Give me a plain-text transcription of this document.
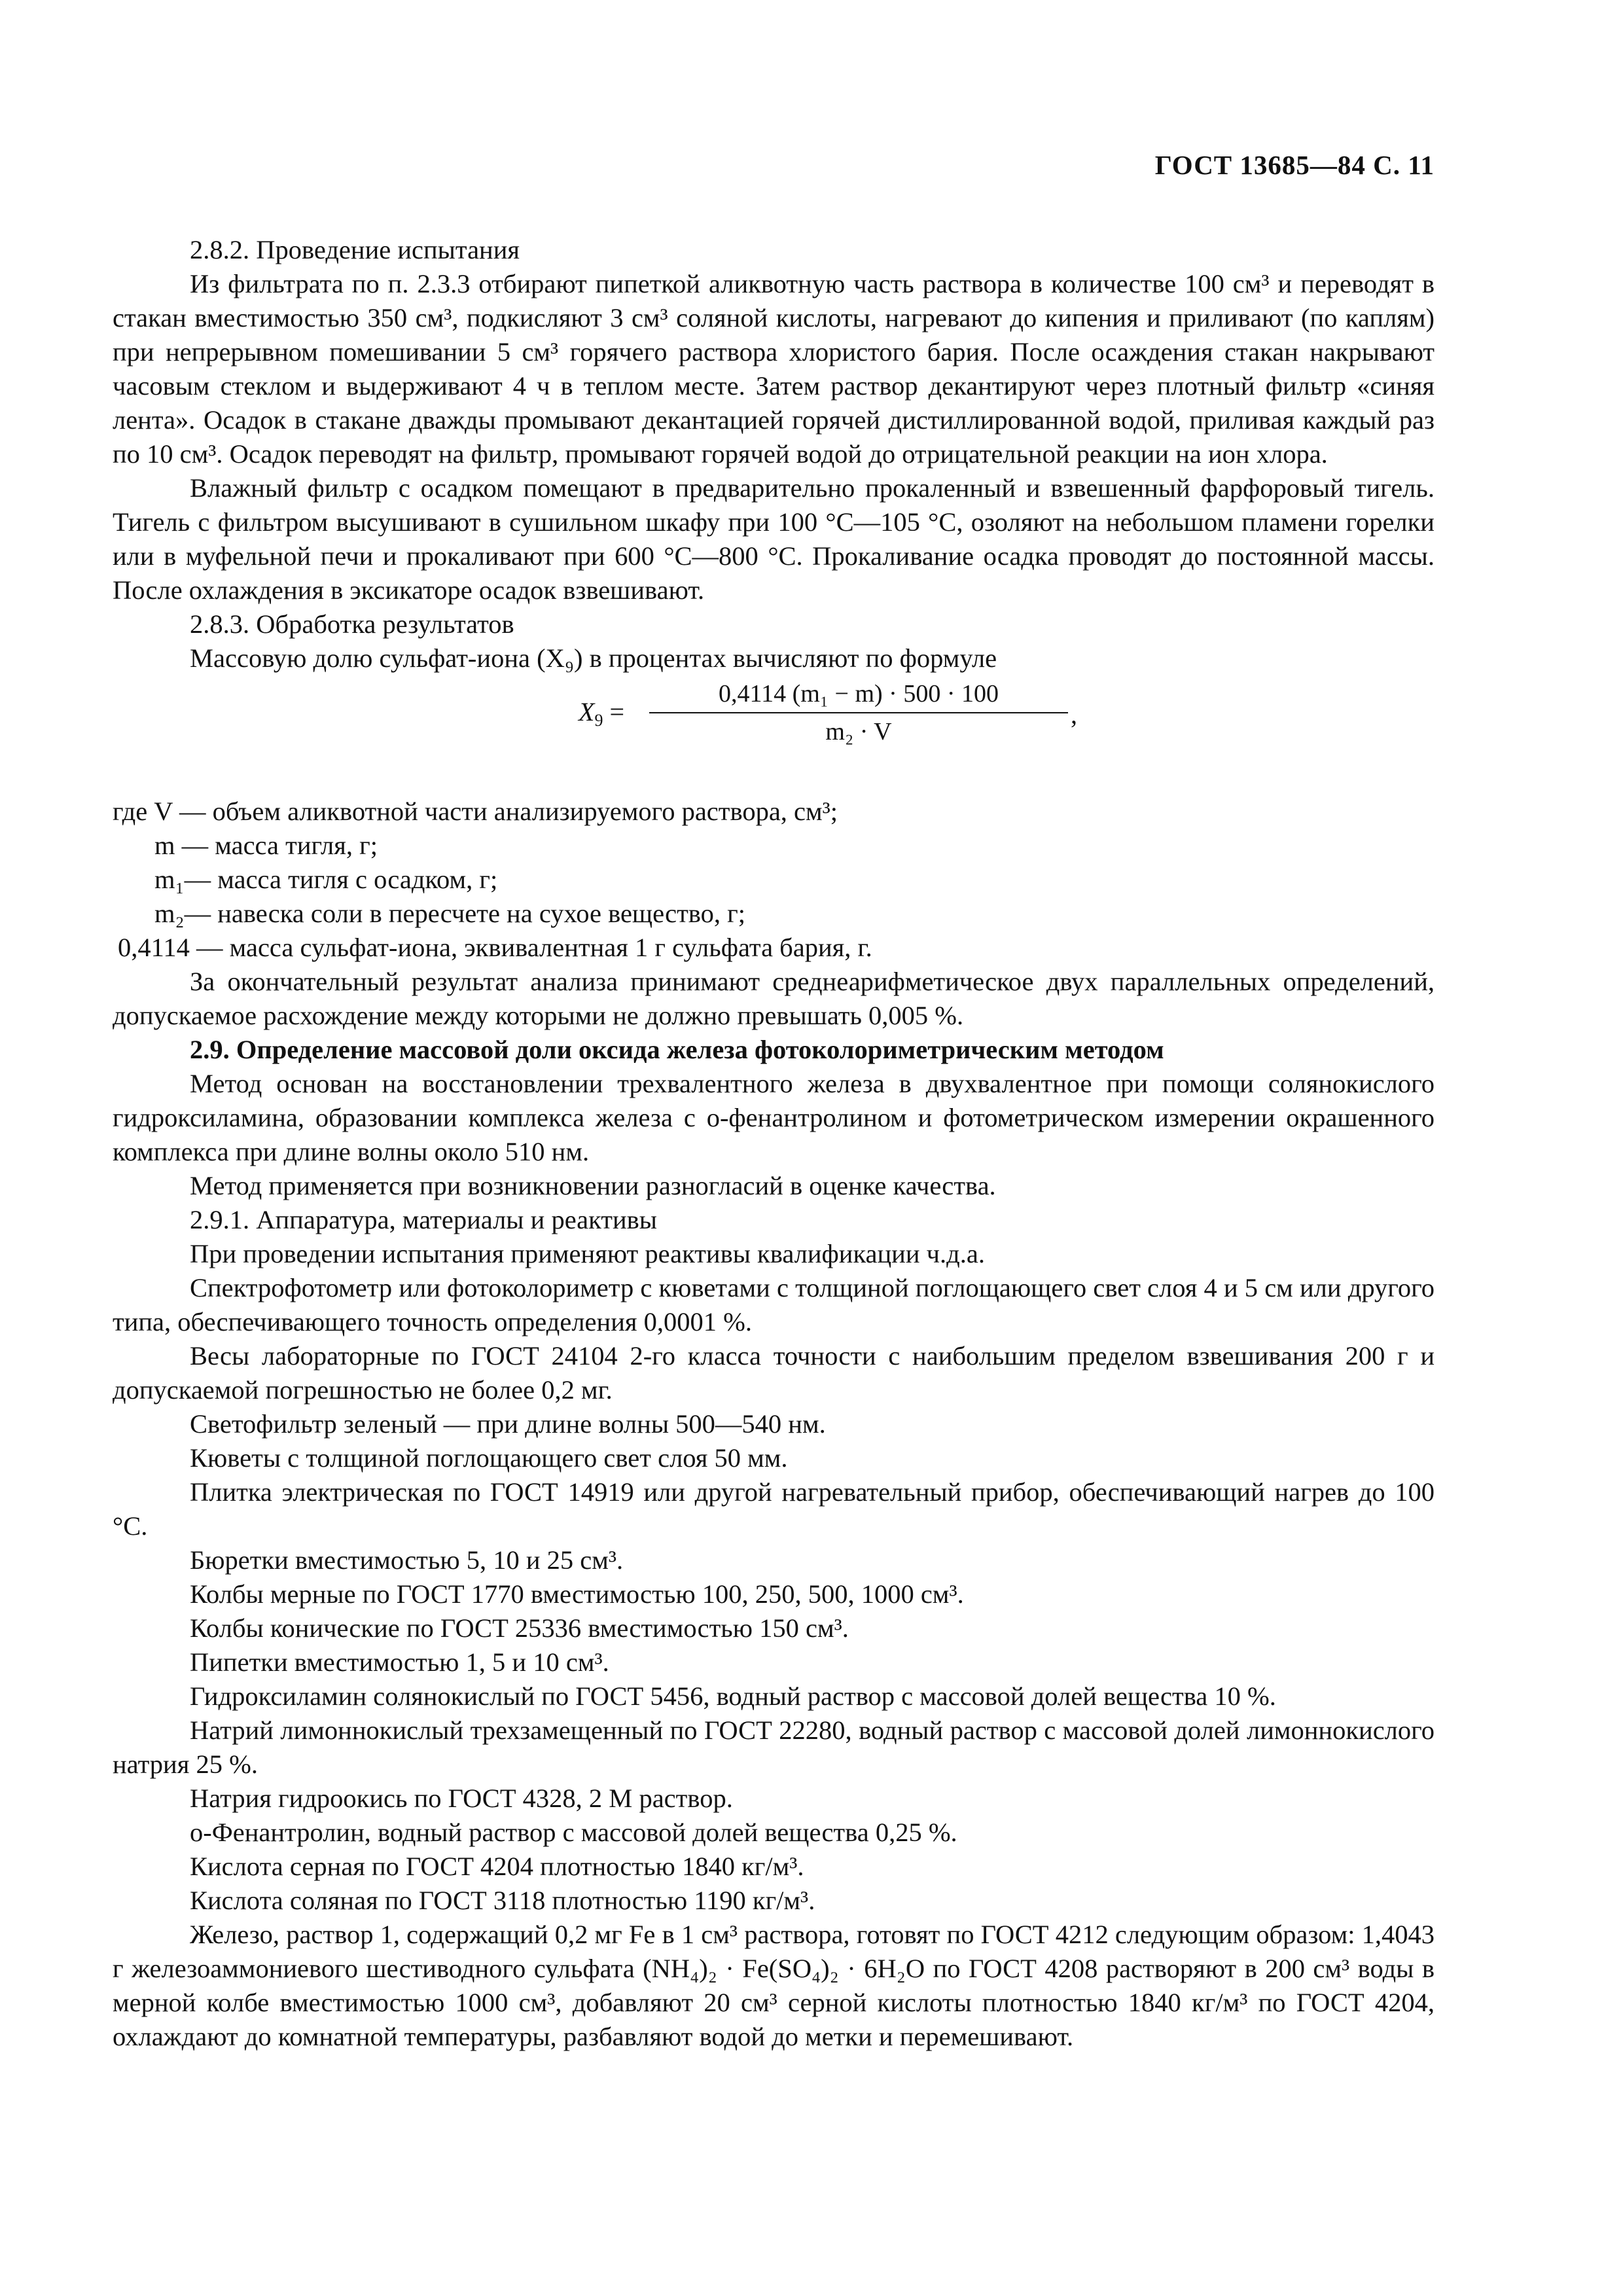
ГОСТ 13685—84 С. 11

2.8.2. Проведение испытания

Из фильтрата по п. 2.3.3 отбирают пипеткой аликвотную часть раствора в количестве 100 см³ и переводят в стакан вместимостью 350 см³, подкисляют 3 см³ соляной кислоты, нагревают до кипения и приливают (по каплям) при непрерывном помешивании 5 см³ горячего раствора хлористого бария. После осаждения стакан накрывают часовым стеклом и выдерживают 4 ч в теплом месте. Затем раствор декантируют через плотный фильтр «синяя лента». Осадок в стакане дважды промывают декантацией горячей дистиллированной водой, приливая каждый раз по 10 см³. Осадок переводят на фильтр, промывают горячей водой до отрицательной реакции на ион хлора.

Влажный фильтр с осадком помещают в предварительно прокаленный и взвешенный фарфоровый тигель. Тигель с фильтром высушивают в сушильном шкафу при 100 °С—105 °С, озоляют на небольшом пламени горелки или в муфельной печи и прокаливают при 600 °С—800 °С. Прокаливание осадка проводят до постоянной массы. После охлаждения в эксикаторе осадок взвешивают.

2.8.3. Обработка результатов

Массовую долю сульфат-иона (X₉) в процентах вычисляют по формуле

$X_9 = \frac{\text{0,4114 (m₁ − m) · 500 · 100}}{\text{m₂ · V}}$ ,

где V — объем аликвотной части анализируемого раствора, см³;

m — масса тигля, г;

m₁— масса тигля с осадком, г;

m₂— навеска соли в пересчете на сухое вещество, г;

0,4114 — масса сульфат-иона, эквивалентная 1 г сульфата бария, г.

За окончательный результат анализа принимают среднеарифметическое двух параллельных определений, допускаемое расхождение между которыми не должно превышать 0,005 %.

2.9. Определение массовой доли оксида железа фотоколориметрическим методом

Метод основан на восстановлении трехвалентного железа в двухвалентное при помощи солянокислого гидроксиламина, образовании комплекса железа с о-фенантролином и фотометрическом измерении окрашенного комплекса при длине волны около 510 нм.

Метод применяется при возникновении разногласий в оценке качества.

2.9.1. Аппаратура, материалы и реактивы

При проведении испытания применяют реактивы квалификации ч.д.а.

Спектрофотометр или фотоколориметр с кюветами с толщиной поглощающего свет слоя 4 и 5 см или другого типа, обеспечивающего точность определения 0,0001 %.

Весы лабораторные по ГОСТ 24104 2-го класса точности с наибольшим пределом взвешивания 200 г и допускаемой погрешностью не более 0,2 мг.

Светофильтр зеленый — при длине волны 500—540 нм.

Кюветы с толщиной поглощающего свет слоя 50 мм.

Плитка электрическая по ГОСТ 14919 или другой нагревательный прибор, обеспечивающий нагрев до 100 °С.

Бюретки вместимостью 5, 10 и 25 см³.

Колбы мерные по ГОСТ 1770 вместимостью 100, 250, 500, 1000 см³.

Колбы конические по ГОСТ 25336 вместимостью 150 см³.

Пипетки вместимостью 1, 5 и 10 см³.

Гидроксиламин солянокислый по ГОСТ 5456, водный раствор с массовой долей вещества 10 %.

Натрий лимоннокислый трехзамещенный по ГОСТ 22280, водный раствор с массовой долей лимоннокислого натрия 25 %.

Натрия гидроокись по ГОСТ 4328, 2 М раствор.

о-Фенантролин, водный раствор с массовой долей вещества 0,25 %.

Кислота серная по ГОСТ 4204 плотностью 1840 кг/м³.

Кислота соляная по ГОСТ 3118 плотностью 1190 кг/м³.

Железо, раствор 1, содержащий 0,2 мг Fe в 1 см³ раствора, готовят по ГОСТ 4212 следующим образом: 1,4043 г железоаммониевого шестиводного сульфата (NH₄)₂ · Fe(SO₄)₂ · 6H₂O по ГОСТ 4208 растворяют в 200 см³ воды в мерной колбе вместимостью 1000 см³, добавляют 20 см³ серной кислоты плотностью 1840 кг/м³ по ГОСТ 4204, охлаждают до комнатной температуры, разбавляют водой до метки и перемешивают.
